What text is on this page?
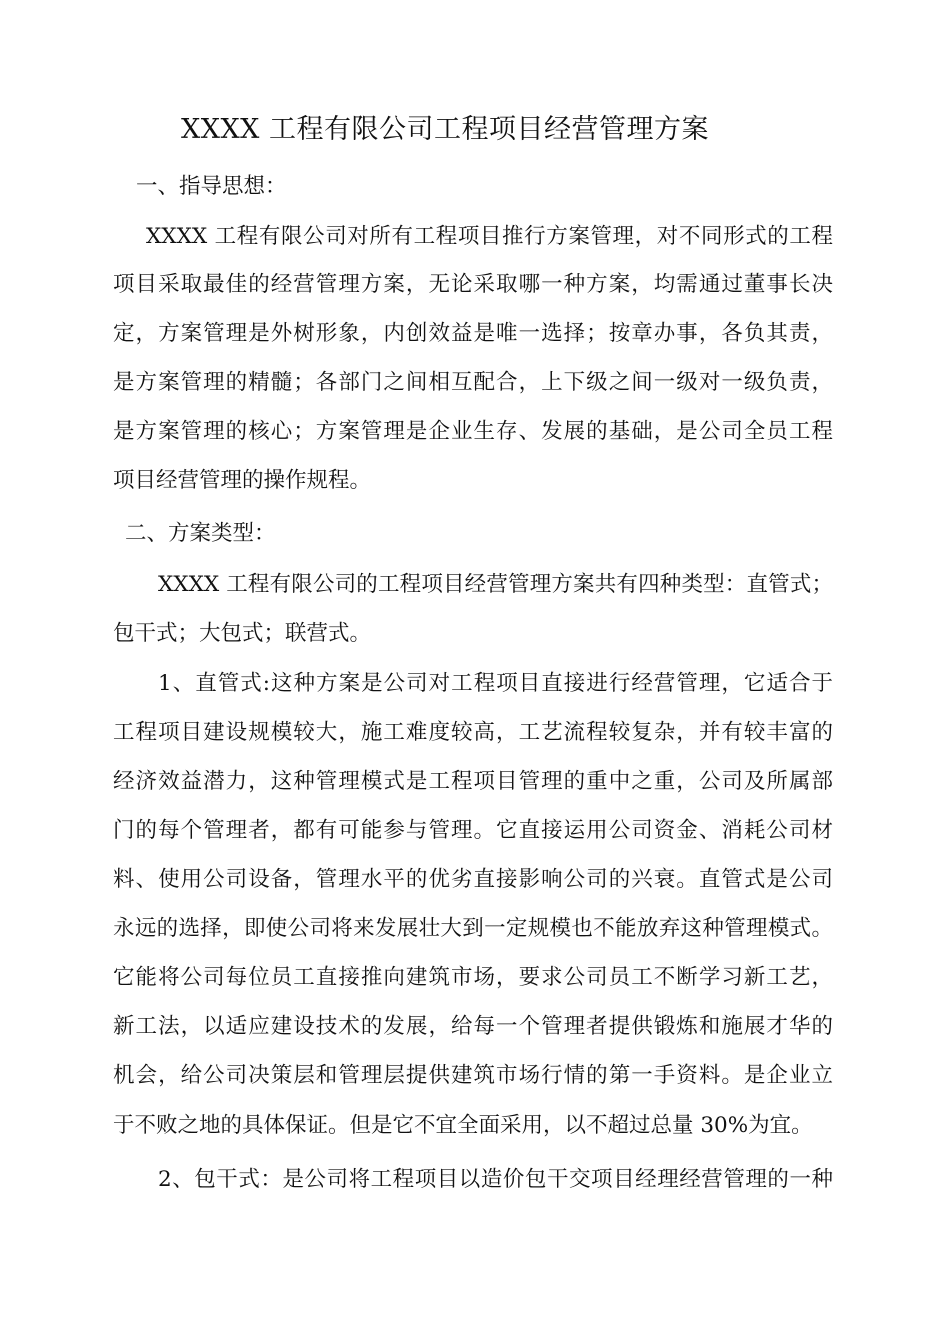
XXXX 工程有限公司工程项目经营管理方案
一、指导思想：
XXXX 工程有限公司对所有工程项目推行方案管理，对不同形式的工程
项目采取最佳的经营管理方案，无论采取哪一种方案，均需通过董事长决
定，方案管理是外树形象，内创效益是唯一选择；按章办事，各负其责，
是方案管理的精髓；各部门之间相互配合，上下级之间一级对一级负责，
是方案管理的核心；方案管理是企业生存、发展的基础，是公司全员工程
项目经营管理的操作规程。
二、方案类型：
XXXX 工程有限公司的工程项目经营管理方案共有四种类型：直管式；
包干式；大包式；联营式。
1、直管式:这种方案是公司对工程项目直接进行经营管理，它适合于
工程项目建设规模较大，施工难度较高，工艺流程较复杂，并有较丰富的
经济效益潜力，这种管理模式是工程项目管理的重中之重，公司及所属部
门的每个管理者，都有可能参与管理。它直接运用公司资金、消耗公司材
料、使用公司设备，管理水平的优劣直接影响公司的兴衰。直管式是公司
永远的选择，即使公司将来发展壮大到一定规模也不能放弃这种管理模式。
它能将公司每位员工直接推向建筑市场，要求公司员工不断学习新工艺，
新工法，以适应建设技术的发展，给每一个管理者提供锻炼和施展才华的
机会，给公司决策层和管理层提供建筑市场行情的第一手资料。是企业立
于不败之地的具体保证。但是它不宜全面采用，以不超过总量 30%为宜。
2、包干式：是公司将工程项目以造价包干交项目经理经营管理的一种
